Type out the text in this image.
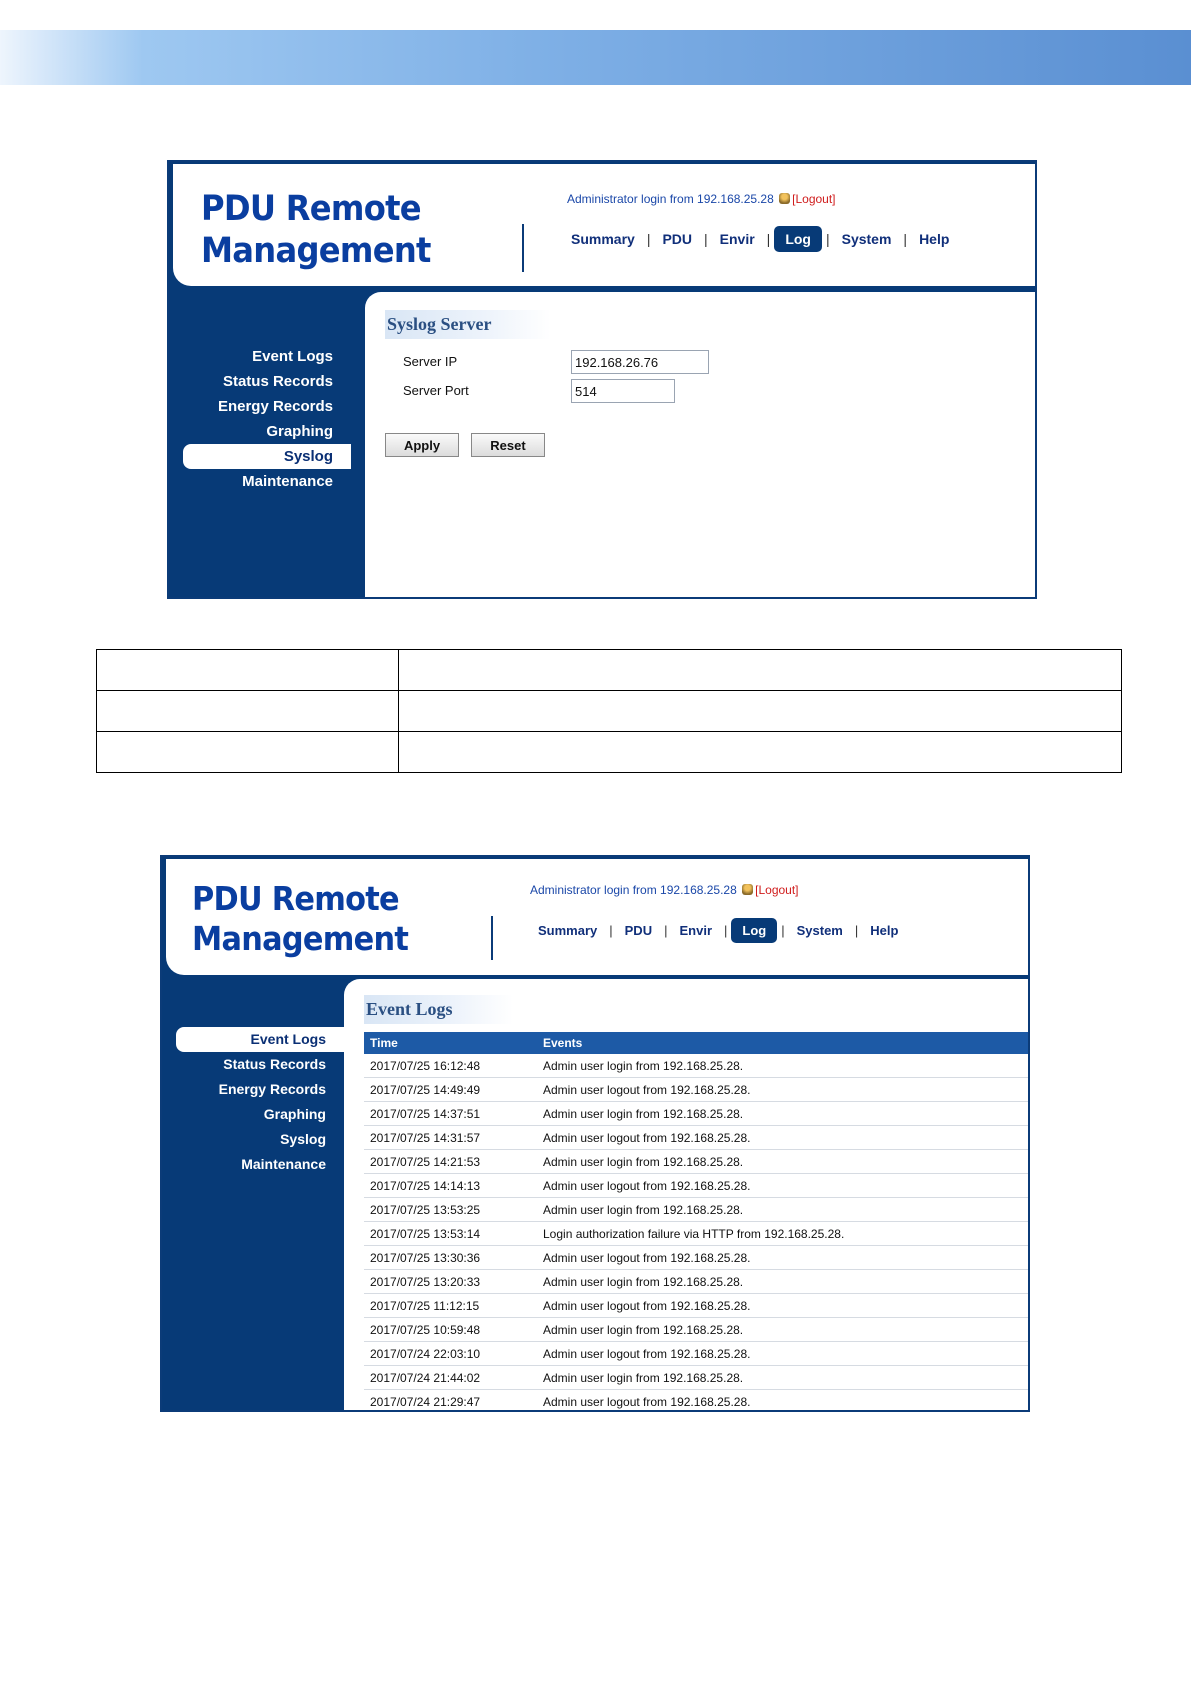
PDU Remote
Management
Administrator login from 192.168.25.28 [Logout]
Summary | PDU | Envir |	Log	| System | Help
Event Logs
Status Records
Energy Records
Graphing
Syslog
Maintenance
Syslog Server
Server IP
192.168.26.76
Server Port
514
Apply	Reset

PDU Remote
Management
Administrator login from 192.168.25.28 [Logout]
Summary | PDU | Envir |	Log	| System | Help
Event Logs
Status Records
Energy Records
Graphing
Syslog
Maintenance
Event Logs
Time	Events
2017/07/25 16:12:48	Admin user login from 192.168.25.28.
2017/07/25 14:49:49	Admin user logout from 192.168.25.28.
2017/07/25 14:37:51	Admin user login from 192.168.25.28.
2017/07/25 14:31:57	Admin user logout from 192.168.25.28.
2017/07/25 14:21:53	Admin user login from 192.168.25.28.
2017/07/25 14:14:13	Admin user logout from 192.168.25.28.
2017/07/25 13:53:25	Admin user login from 192.168.25.28.
2017/07/25 13:53:14	Login authorization failure via HTTP from 192.168.25.28.
2017/07/25 13:30:36	Admin user logout from 192.168.25.28.
2017/07/25 13:20:33	Admin user login from 192.168.25.28.
2017/07/25 11:12:15	Admin user logout from 192.168.25.28.
2017/07/25 10:59:48	Admin user login from 192.168.25.28.
2017/07/24 22:03:10	Admin user logout from 192.168.25.28.
2017/07/24 21:44:02	Admin user login from 192.168.25.28.
2017/07/24 21:29:47	Admin user logout from 192.168.25.28.
